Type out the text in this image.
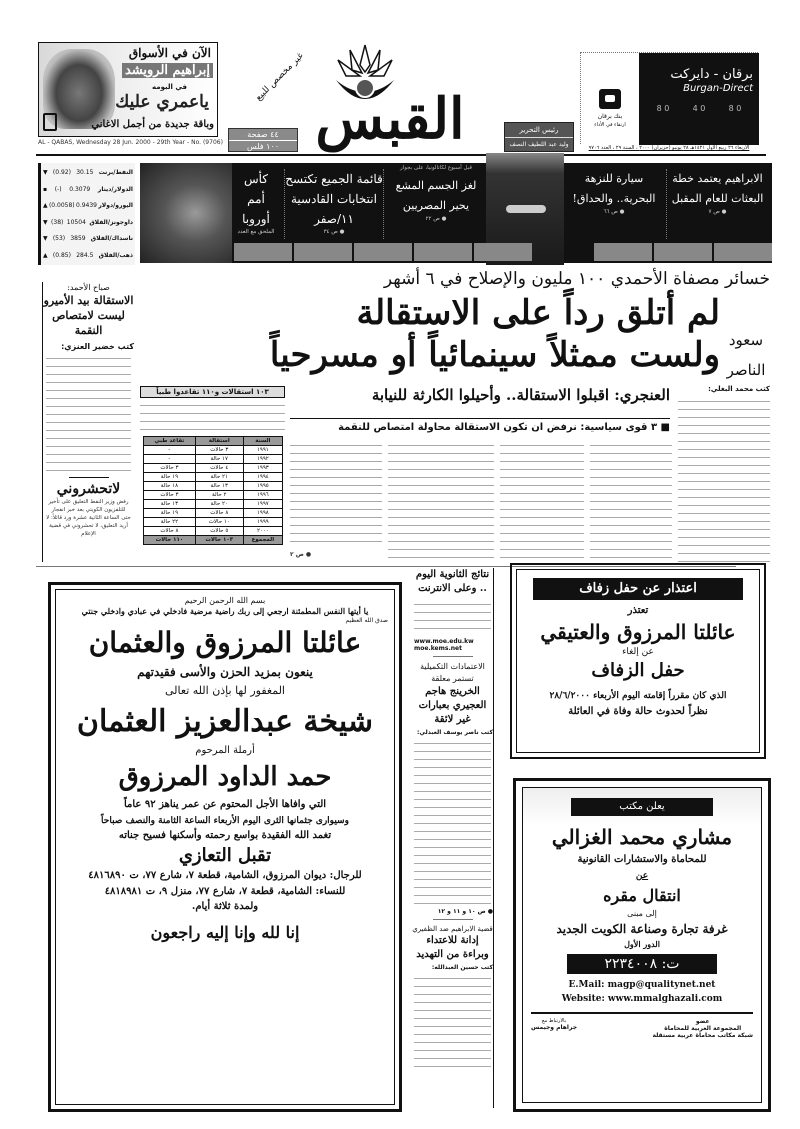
الآن في الأسواق
إبراهيم الرويشد
في البومه
ياعمري عليك
وباقة جديدة من أجمل الاغاني
AL - QABAS, Wednesday 28 Jun. 2000 - 29th Year - No. (9706)
غير مخصص للبيع
٤٤ صفحة
١٠٠ فلس القبس	رئيس التحرير
وليد عبد اللطيف النصف
بنك برقان
ارتقاء في الأداء
برقان - دايركت
Burgan-Direct
8 0	4 0	8 0
الأربعاء ٢٦ ربيع الأول ١٤٢١هـ ٢٨ يونيو (حزيران) ٢٠٠٠ ، السنة ٢٩ ، العدد ٩٧٠٦
▼ (0.92) 30.15 النفط/برنت
▪ (-) 0.3079 الدولار/دينار
▲ (0.0058) 0.9439 اليورو/دولار
▼ (38) 10504 داوجونز/الفلاق
▼ (53) 3859 ناسداك/الفلاق
▲ (0.85) 284.5 ذهب/الفلاق
كأس أمم أوروبا
الملحق مع العدد
قائمة الجميع تكتسح انتخابات القادسية ١١/صفر
● ص ٣٤
قبل أسبوع لكاتالونيا، على بجوار
لغز الجسم المشع يحير المصريين
● ص ٢٢
سيارة للنزهة البحرية.. والحداق!
● ص ٦٦
الابراهيم يعتمد خطة البعثات للعام المقبل
● ص ٧
خسائر مصفاة الأحمدي ١٠٠ مليون والإصلاح في ٦ أشهر
لم أتلق رداً على الاستقالة
ولست ممثلاً سينمائياً أو مسرحياً سعود الناصر
العنجري: اقبلوا الاستقالة.. وأحيلوا الكارثة للنيابة
■ ٣ قوى سياسية: نرفض ان تكون الاستقالة محاولة امتصاص للنقمة
كتب محمد البغلي:
● ص ٢
١٠٣ استقالات و١١٠ تقاعدوا طبياً
السنة	استقالة	تقاعد طبي
١٩٩١	٣ حالات	-
١٩٩٢	١٧ حالة	-
١٩٩٣	٤ حالات	٣ حالات
١٩٩٤	٢١ حالة	١٩ حالة
١٩٩٥	١٣ حالة	١٨ حالة
١٩٩٦	٢ حالة	٣ حالات
١٩٩٧	٢٠ حالة	١٣ حالة
١٩٩٨	٨ حالات	١٩ حالة
١٩٩٩	١٠ حالات	٢٢ حالة
٢٠٠٠	٥ حالات	٨ حالات
المجموع	١٠٣ حالات	١١٠ حالات
صباح الأحمد:
الاستقالة بيد الأميرو ليست لامتصاص النقمة
كتب خضير العنزي:
لاتحشروني
رفض وزير النفط التعليق على تأخير للتلفزيون الكويتي بعد خبر انفجار حتى الساعة الثانية عشرة ورد قائلاً: لا أريد التعليق، لا تحشروني في قضية الإعلام
نتائج الثانوية اليوم .. وعلى الانترنت
www.moe.edu.kw
moe.kems.net
الاعتمادات التكميلية تستمر معلقة
الخرينج هاجم العجيري بعبارات غير لائقة
كتب ناصر يوسف العبدلي:
● ص ١٠ و ١١ و ١٢
قضية الابراهيم ضد الظفيري
إدانة للاعتداء وبراءة من التهديد
كتب حسين العبدالله:
بسم الله الرحمن الرحيم
يا أيتها النفس المطمئنة ارجعي إلى ربك راضية مرضية فادخلي في عبادي وادخلي جنتي
صدق الله العظيم
عائلتا المرزوق والعثمان
ينعون بمزيد الحزن والأسى فقيدتهم
المغفور لها بإذن الله تعالى
شيخة عبدالعزيز العثمان
أرملة المرحوم
حمد الداود المرزوق
التي وافاها الأجل المحتوم عن عمر يناهز ٩٢ عاماً
وسيوارى جثمانها الثرى اليوم الأربعاء الساعة الثامنة والنصف صباحاً
تغمد الله الفقيدة بواسع رحمته وأسكنها فسيح جناته
تقبل التعازي
للرجال: ديوان المرزوق، الشامية، قطعة ٧، شارع ٧٧، ت ٤٨١٦٨٩٠
للنساء: الشامية، قطعة ٧، شارع ٧٧، منزل ٩، ت ٤٨١٨٩٨١
ولمدة ثلاثة أيام.
إنا لله وإنا إليه راجعون
اعتذار عن حفل زفاف
تعتذر
عائلتا المرزوق والعتيقي
عن إلغاء
حفل الزفاف
الذي كان مقرراً إقامته اليوم الأربعاء ٢٨/٦/٢٠٠٠
نظراً لحدوث حالة وفاة في العائلة
يعلن مكتب
مشاري محمد الغزالي
للمحاماة والاستشارات القانونية
عن
انتقال مقره
إلى مبنى
غرفة تجارة وصناعة الكويت الجديد
الدور الأول
ت: ٢٢٣٤٠٠٨
E.Mail: magp@qualitynet.net
Website: www.mmalghazali.com
عضو
المجموعة العربية للمحاماة
شبكة مكاتب محاماة عربية مستقلة
بالارتباط مع
جراهام وجيمس
